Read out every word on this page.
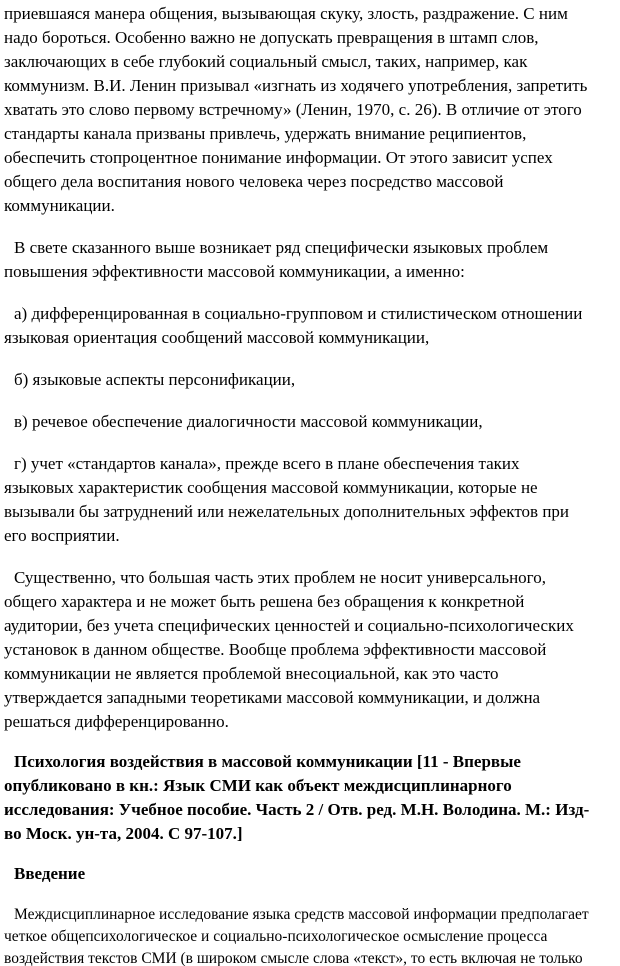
приевшаяся манера общения, вызывающая скуку, злость, раздражение. С ним
надо бороться. Особенно важно не допускать превращения в штамп слов,
заключающих в себе глубокий социальный смысл, таких, например, как
коммунизм. В.И. Ленин призывал «изгнать из ходячего употребления, запретить
хватать это слово первому встречному» (Ленин, 1970, с. 26). В отличие от этого
стандарты канала призваны привлечь, удержать внимание реципиентов,
обеспечить стопроцентное понимание информации. От этого зависит успех
общего дела воспитания нового человека через посредство массовой
коммуникации.
В свете сказанного выше возникает ряд специфически языковых проблем
повышения эффективности массовой коммуникации, а именно:
а) дифференцированная в социально-групповом и стилистическом отношении
языковая ориентация сообщений массовой коммуникации,
б) языковые аспекты персонификации,
в) речевое обеспечение диалогичности массовой коммуникации,
г) учет «стандартов канала», прежде всего в плане обеспечения таких
языковых характеристик сообщения массовой коммуникации, которые не
вызывали бы затруднений или нежелательных дополнительных эффектов при
его восприятии.
Существенно, что большая часть этих проблем не носит универсального,
общего характера и не может быть решена без обращения к конкретной
аудитории, без учета специфических ценностей и социально-психологических
установок в данном обществе. Вообще проблема эффективности массовой
коммуникации не является проблемой внесоциальной, как это часто
утверждается западными теоретиками массовой коммуникации, и должна
решаться дифференцированно.
Психология воздействия в массовой коммуникации [11 - Впервые
опубликовано в кн.: Язык СМИ как объект междисциплинарного
исследования: Учебное пособие. Часть 2 / Отв. ред. М.Н. Володина. М.: Изд-
во Моск. ун-та, 2004. С 97-107.]
Введение
Междисциплинарное исследование языка средств массовой информации предполагает
четкое общепсихологическое и социально-психологическое осмысление процесса
воздействия текстов СМИ (в широком смысле слова «текст», то есть включая не только
